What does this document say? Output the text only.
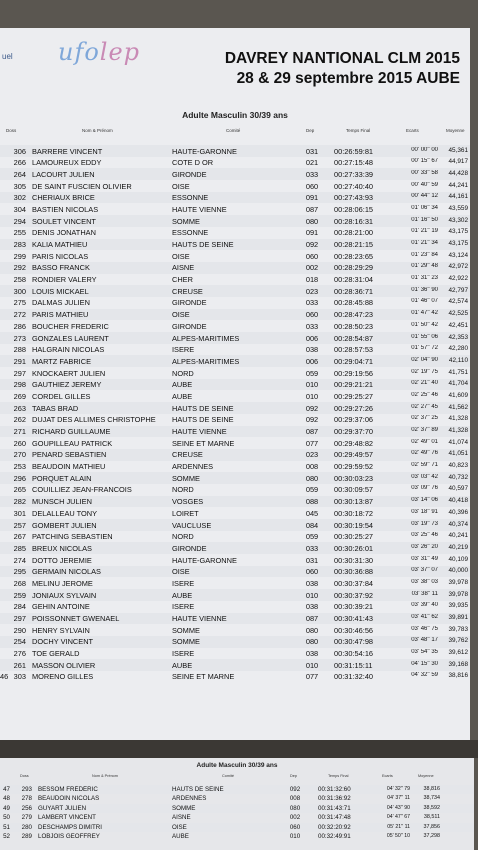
uel ufolep	DAVREY NANTIONAL CLM 2015
28 & 29 septembre 2015 AUBE
Adulte Masculin 30/39 ans
Doss	Nom & Prénom	Comité	Dep	Temps Final	Ecarts	Moyenne
306 BARRERE VINCENT	HAUTE-GARONNE	031	00:26:59:81	00' 00'' 00	45,361
266 LAMOUREUX EDDY	COTE D OR	021	00:27:15:48	00' 15'' 67	44,917
264 LACOURT JULIEN	GIRONDE	033	00:27:33:39	00' 33'' 58	44,428
305 DE SAINT FUSCIEN OLIVIER	OISE	060	00:27:40:40	00' 40'' 59	44,241
302 CHERIAUX BRICE	ESSONNE	091	00:27:43:93	00' 44'' 12	44,161
304 BASTIEN NICOLAS	HAUTE VIENNE	087	00:28:06:15	01' 06'' 34	43,559
294 SOULET VINCENT	SOMME	080	00:28:16:31	01' 16'' 50	43,302
255 DENIS JONATHAN	ESSONNE	091	00:28:21:00	01' 21'' 19	43,175
283 KALIA MATHIEU	HAUTS DE SEINE	092	00:28:21:15	01' 21'' 34	43,175
299 PARIS NICOLAS	OISE	060	00:28:23:65	01' 23'' 84	43,124
292 BASSO FRANCK	AISNE	002	00:28:29:29	01' 29'' 48	42,972
258 RONDIER VALERY	CHER	018	00:28:31:04	01' 31'' 23	42,922
300 LOUIS MICKAEL	CREUSE	023	00:28:36:71	01' 36'' 90	42,797
275 DALMAS JULIEN	GIRONDE	033	00:28:45:88	01' 46'' 07	42,574
272 PARIS MATHIEU	OISE	060	00:28:47:23	01' 47'' 42	42,525
286 BOUCHER FREDERIC	GIRONDE	033	00:28:50:23	01' 50'' 42	42,451
273 GONZALES LAURENT	ALPES-MARITIMES	006	00:28:54:87	01' 55'' 06	42,353
288 HALGRAIN NICOLAS	ISERE	038	00:28:57:53	01' 57'' 72	42,280
291 MARTZ FABRICE	ALPES-MARITIMES	006	00:29:04:71	02' 04'' 90	42,110
297 KNOCKAERT JULIEN	NORD	059	00:29:19:56	02' 19'' 75	41,751
298 GAUTHIEZ JEREMY	AUBE	010	00:29:21:21	02' 21'' 40	41,704
269 CORDEL GILLES	AUBE	010	00:29:25:27	02' 25'' 46	41,609
263 TABAS BRAD	HAUTS DE SEINE	092	00:29:27:26	02' 27'' 45	41,562
262 DUJAT DES ALLIMES CHRISTOPHE	HAUTS DE SEINE	092	00:29:37:06	02' 37'' 25	41,328
271 RICHARD GUILLAUME	HAUTE VIENNE	087	00:29:37:70	02' 37'' 89	41,328
260 GOUPILLEAU PATRICK	SEINE ET MARNE	077	00:29:48:82	02' 49'' 01	41,074
270 PENARD SEBASTIEN	CREUSE	023	00:29:49:57	02' 49'' 76	41,051
253 BEAUDOIN MATHIEU	ARDENNES	008	00:29:59:52	02' 59'' 71	40,823
296 PORQUET ALAIN	SOMME	080	00:30:03:23	03' 03'' 42	40,732
265 COUILLIEZ JEAN-FRANCOIS	NORD	059	00:30:09:57	03' 09'' 76	40,597
282 MUNSCH JULIEN	VOSGES	088	00:30:13:87	03' 14'' 06	40,418
301 DELALLEAU TONY	LOIRET	045	00:30:18:72	03' 18'' 91	40,396
257 GOMBERT JULIEN	VAUCLUSE	084	00:30:19:54	03' 19'' 73	40,374
267 PATCHING SEBASTIEN	NORD	059	00:30:25:27	03' 25'' 46	40,241
285 BREUX NICOLAS	GIRONDE	033	00:30:26:01	03' 26'' 20	40,219
274 DOTTO JEREMIE	HAUTE-GARONNE	031	00:30:31:30	03' 31'' 49	40,109
295 GERMAIN NICOLAS	OISE	060	00:30:36:88	03' 37'' 07	40,000
268 MELINU JEROME	ISERE	038	00:30:37:84	03' 38'' 03	39,978
259 JONIAUX SYLVAIN	AUBE	010	00:30:37:92	03' 38'' 11	39,978
284 GEHIN ANTOINE	ISERE	038	00:30:39:21	03' 39'' 40	39,935
297 POISSONNET GWENAEL	HAUTE VIENNE	087	00:30:41:43	03' 41'' 62	39,891
290 HENRY SYLVAIN	SOMME	080	00:30:46:56	03' 46'' 75	39,783
254 DOCHY VINCENT	SOMME	080	00:30:47:98	03' 48'' 17	39,762
276 TOE GERALD	ISERE	038	00:30:54:16	03' 54'' 35	39,612
261 MASSON OLIVIER	AUBE	010	00:31:15:11	04' 15'' 30	39,168
46 303 MORENO GILLES	SEINE ET MARNE	077	00:31:32:40	04' 32'' 59	38,816
Adulte Masculin 30/39 ans
Doss	Nom & Prénom	Comité	Dep	Temps Final	Ecarts	Moyenne
47	293 BESSOM FRÉDÉRIC	HAUTS DE SEINE	092	00:31:32:60	04' 32'' 79	38,816
48	278 BEAUDOIN NICOLAS	ARDENNES	008	00:31:36:92	04' 37'' 11	38,734
49	256 GUYART JULIEN	SOMME	080	00:31:43:71	04' 43'' 90	38,592
50	279 LAMBERT VINCENT	AISNE	002	00:31:47:48	04' 47'' 67	38,511
51	280 DESCHAMPS DIMITRI	OISE	060	00:32:20:92	05' 21'' 11	37,856
52	289 LOBJOIS GEOFFREY	AUBE	010	00:32:49:91	05' 50'' 10	37,298
